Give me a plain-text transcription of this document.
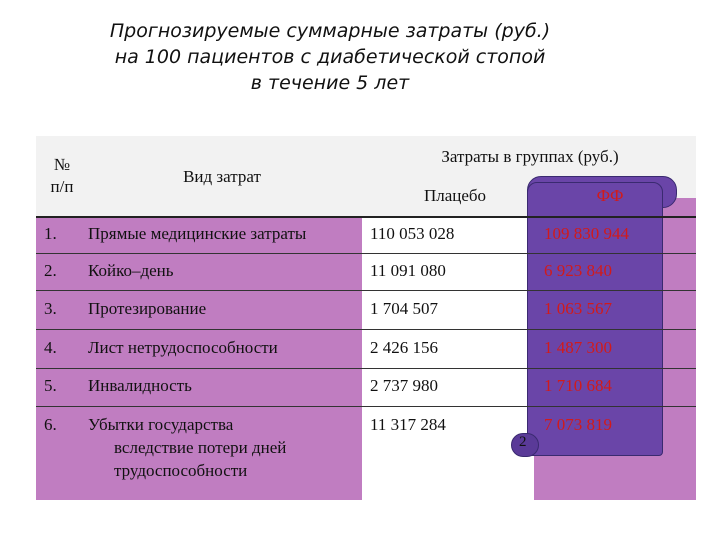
Прогнозируемые суммарные затраты (руб.)
на 100 пациентов с диабетической стопой
в течение 5 лет
№
п/п
Вид затрат
Затраты в группах (руб.)
Плацебо	ФФ
1. Прямые медицинские затраты	110 053 028	109 830 944
2. Койко–день	11 091 080	6 923 840
3. Протезирование	1 704 507	1 063 567
4. Лист нетрудоспособности	2 426 156	1 487 300
5. Инвалидность	2 737 980	1 710 684
6. Убытки государства
вследствие потери дней
трудоспособности
11 317 284	7 073 819
2
